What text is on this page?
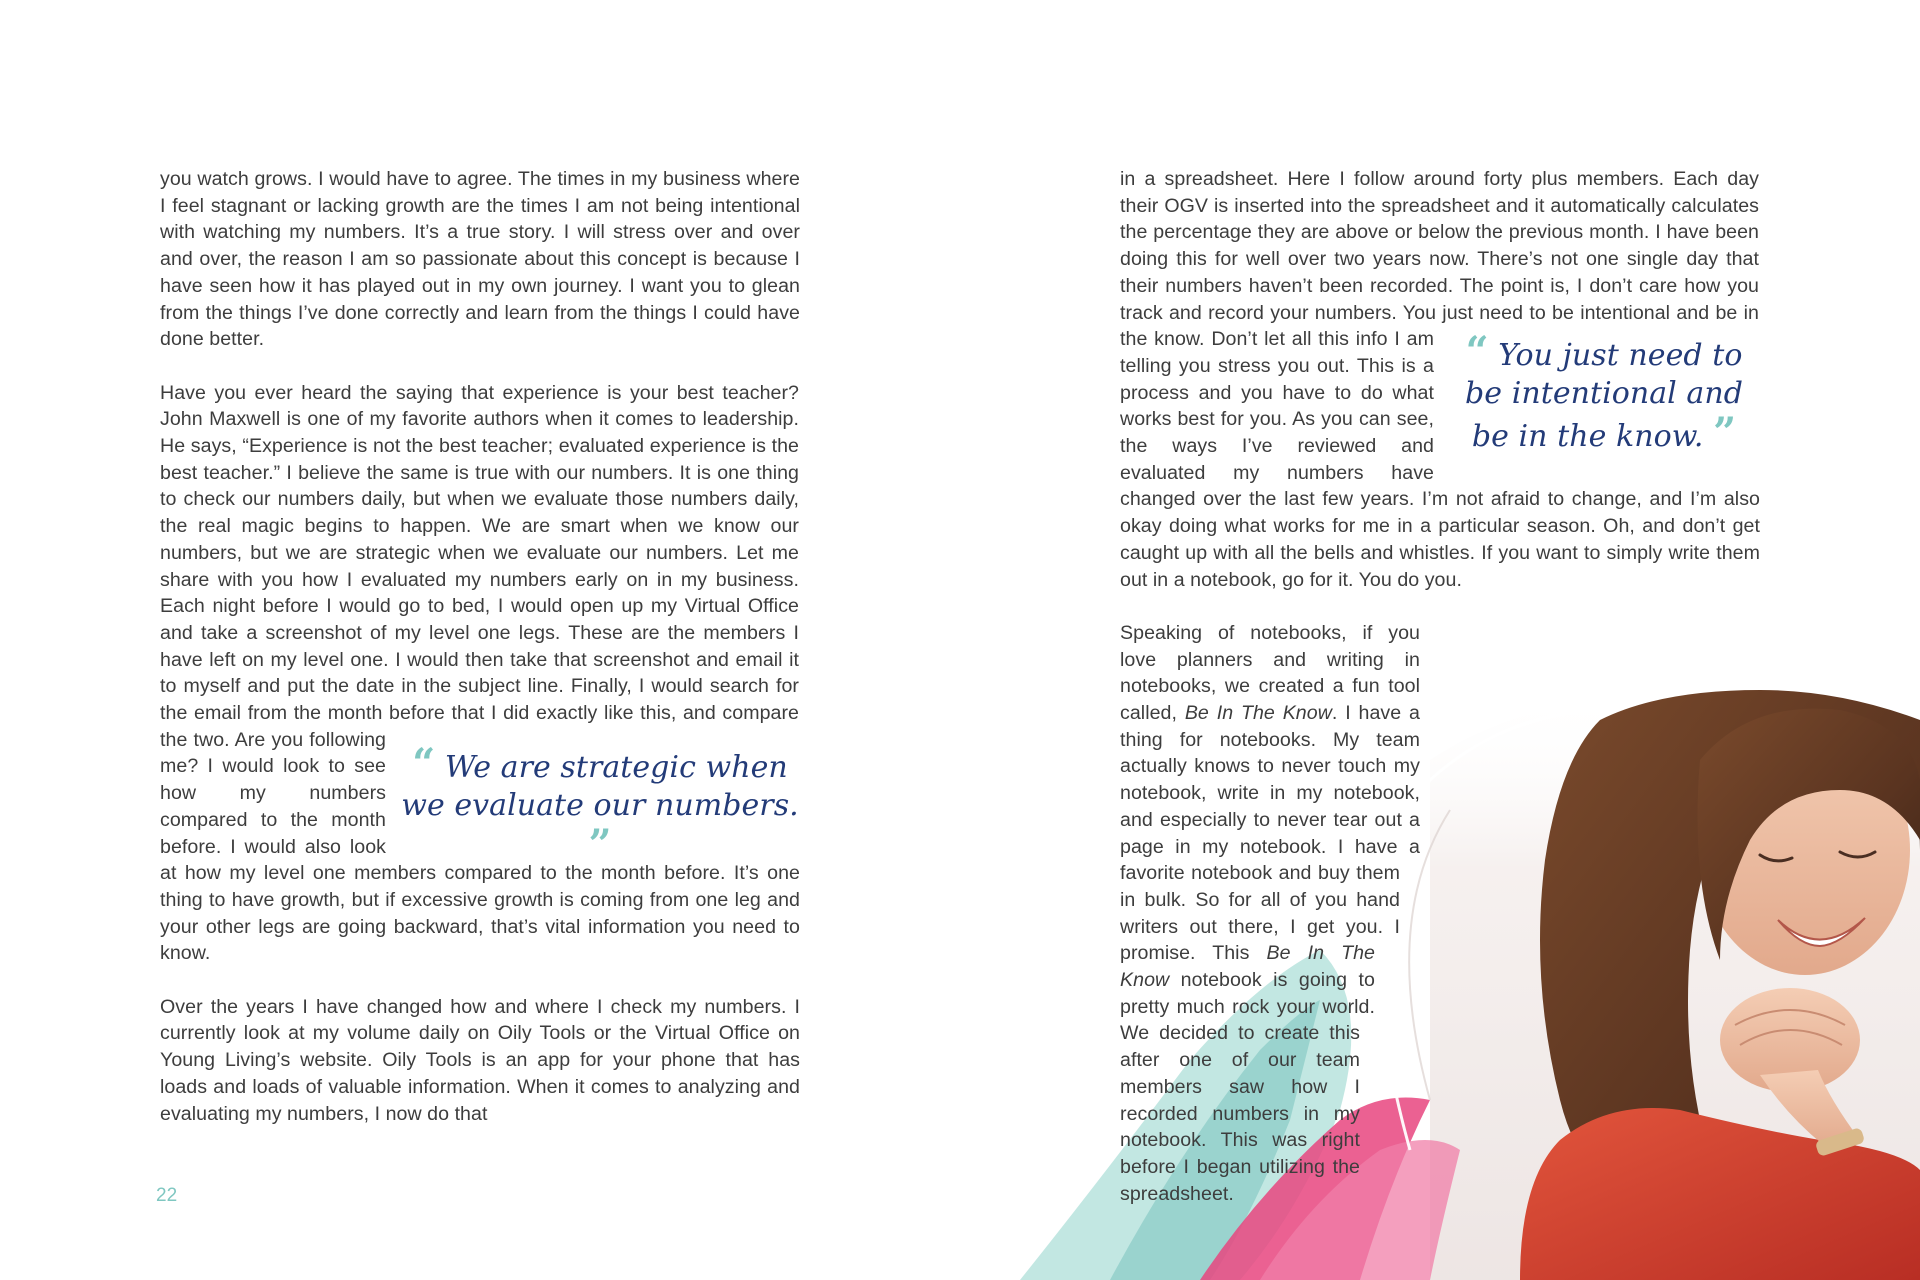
you watch grows. I would have to agree. The times in my business where I feel stagnant or lacking growth are the times I am not being intentional with watching my numbers. It’s a true story. I will stress over and over and over, the reason I am so passionate about this concept is because I have seen how it has played out in my own journey. I want you to glean from the things I’ve done correctly and learn from the things I could have done better.

“ We are strategic when we evaluate our numbers. ”
Have you ever heard the saying that experience is your best teacher? John Maxwell is one of my favorite authors when it comes to leadership. He says, “Experience is not the best teacher; evaluated experience is the best teacher.” I believe the same is true with our numbers. It is one thing to check our numbers daily, but when we evaluate those numbers daily, the real magic begins to happen. We are smart when we know our numbers, but we are strategic when we evaluate our numbers. Let me share with you how I evaluated my numbers early on in my business. Each night before I would go to bed, I would open up my Virtual Office and take a screenshot of my level one legs. These are the members I have left on my level one. I would then take that screenshot and email it to myself and put the date in the subject line. Finally, I would search for the email from the month before that I did exactly like this, and compare the two. Are you following me? I would look to see how my numbers compared to the month before. I would also look at how my level one members compared to the month before. It’s one thing to have growth, but if excessive growth is coming from one leg and your other legs are going backward, that’s vital information you need to know.

Over the years I have changed how and where I check my numbers. I currently look at my volume daily on Oily Tools or the Virtual Office on Young Living’s website. Oily Tools is an app for your phone that has loads and loads of valuable information. When it comes to analyzing and evaluating my numbers, I now do that

22

“ You just need to be intentional and be in the know. ”
in a spreadsheet. Here I follow around forty plus members. Each day their OGV is inserted into the spreadsheet and it automatically calculates the percentage they are above or below the previous month. I have been doing this for well over two years now. There’s not one single day that their numbers haven’t been recorded. The point is, I don’t care how you track and record your numbers. You just need to be intentional and be in the know. Don’t let all this info I am telling you stress you out. This is a process and you have to do what works best for you. As you can see, the ways I’ve reviewed and evaluated my numbers have changed over the last few years. I’m not afraid to change, and I’m also okay doing what works for me in a particular season. Oh, and don’t get caught up with all the bells and whistles. If you want to simply write them out in a notebook, go for it. You do you.

Speaking of notebooks, if you love planners and writing in notebooks, we created a fun tool called, Be In The Know. I have a thing for notebooks. My team actually knows to never touch my notebook, write in my notebook, and especially to never tear out a page in my notebook. I have a favorite notebook and buy them in bulk. So for all of you hand writers out there, I get you. I promise. This Be In The Know notebook is going to pretty much rock your world. We decided to create this after one of our team members saw how I recorded numbers in my notebook. This was right before I began utilizing the spreadsheet.
